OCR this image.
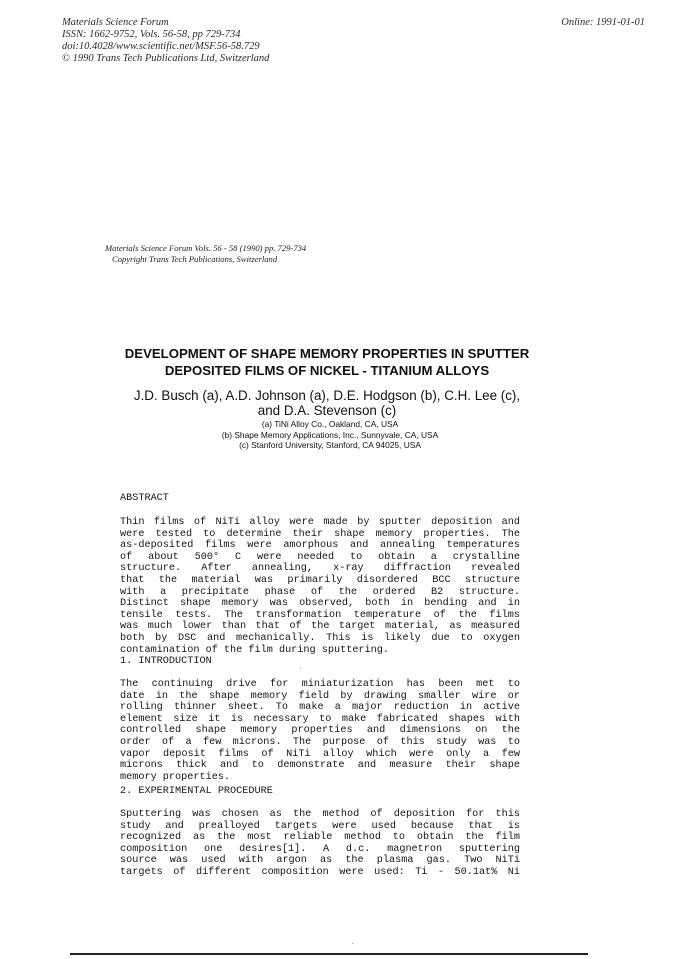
Materials Science Forum
ISSN: 1662-9752, Vols. 56-58, pp 729-734
doi:10.4028/www.scientific.net/MSF.56-58.729
© 1990 Trans Tech Publications Ltd, Switzerland
Online: 1991-01-01
Materials Science Forum Vols. 56 - 58 (1990) pp. 729-734
Copyright Trans Tech Publications, Switzerland
DEVELOPMENT OF SHAPE MEMORY PROPERTIES IN SPUTTER
DEPOSITED FILMS OF NICKEL - TITANIUM ALLOYS
J.D. Busch (a), A.D. Johnson (a), D.E. Hodgson (b), C.H. Lee (c),
and D.A. Stevenson (c)
(a) TiNi Alloy Co., Oakland, CA, USA
(b) Shape Memory Applications, Inc., Sunnyvale, CA, USA
(c) Stanford University, Stanford, CA 94025, USA
ABSTRACT
Thin films of NiTi alloy were made by sputter deposition and
were tested to determine their shape memory properties. The
as-deposited films were amorphous and annealing temperatures
of about 500° C were needed to obtain a crystalline
structure. After annealing, x-ray diffraction revealed
that the material was primarily disordered BCC structure
with a precipitate phase of the ordered B2 structure.
Distinct shape memory was observed, both in bending and in
tensile tests. The transformation temperature of the films
was much lower than that of the target material, as measured
both by DSC and mechanically. This is likely due to oxygen
contamination of the film during sputtering.
1. INTRODUCTION
The continuing drive for miniaturization has been met to
date in the shape memory field by drawing smaller wire or
rolling thinner sheet. To make a major reduction in active
element size it is necessary to make fabricated shapes with
controlled shape memory properties and dimensions on the
order of a few microns. The purpose of this study was to
vapor deposit films of NiTi alloy which were only a few
microns thick and to demonstrate and measure their shape
memory properties.
2. EXPERIMENTAL PROCEDURE
Sputtering was chosen as the method of deposition for this
study and prealloyed targets were used because that is
recognized as the most reliable method to obtain the film
composition one desires[1]. A d.c. magnetron sputtering
source was used with argon as the plasma gas. Two NiTi
targets of different composition were used: Ti - 50.1at% Ni
